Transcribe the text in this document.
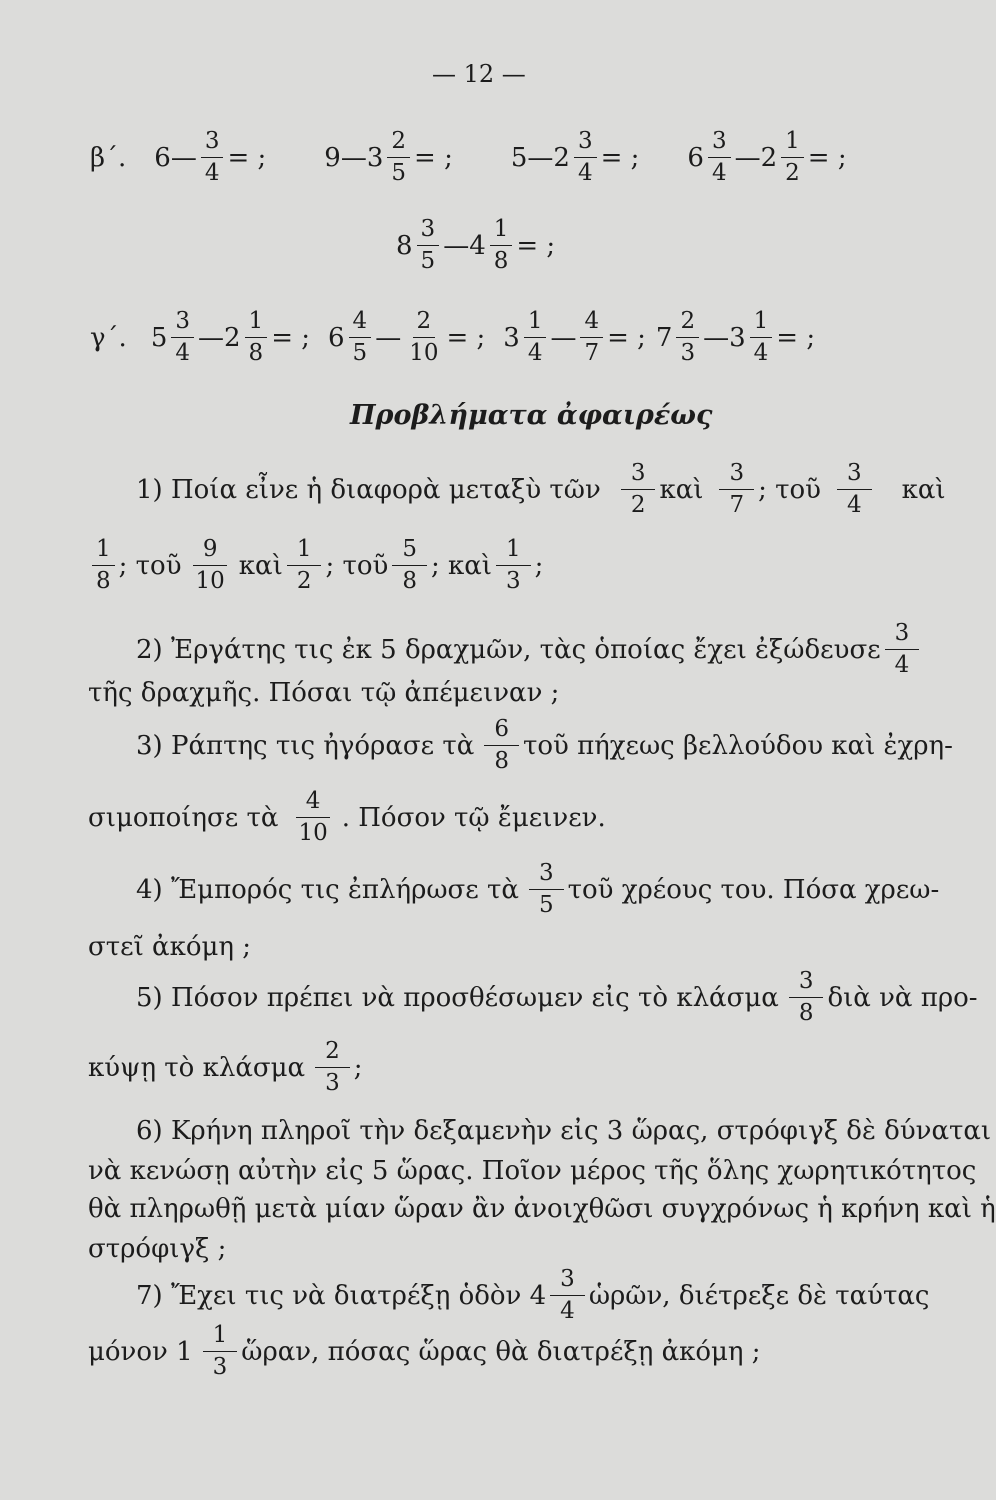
— 12 —
β΄. 6 — $\frac{3}{4}$ = ; 9—3 $\frac{2}{5}$ = ; 5—2 $\frac{3}{4}$ = ; $6 \frac{3}{4}$ —2 $\frac{1}{2}$ = ;
$8 \frac{3}{5}$ —4 $\frac{1}{8}$ = ;
γ΄. $5 \frac{3}{4}$ —2 $\frac{1}{8}$ = ; $6 \frac{4}{5}$ — $\frac{2}{10}$ = ; $3 \frac{1}{4}$ — $\frac{4}{7}$ = ; $7 \frac{2}{3}$ —3 $\frac{1}{4}$ = ;
Προβλήματα ἀφαιρέως
1) Ποία εἶνε ἡ διαφορὰ μεταξὺ τῶν $\frac{3}{2}$ καὶ $\frac{3}{7}$ ; τοῦ $\frac{3}{4}$ καὶ
$\frac{1}{8}$ ; τοῦ $\frac{9}{10}$ καὶ $\frac{1}{2}$ ; τοῦ $\frac{5}{8}$ ; καὶ $\frac{1}{3}$ ;
2) Ἐργάτης τις ἐκ 5 δραχμῶν, τὰς ὁποίας ἔχει ἐξώδευσε $\frac{3}{4}$
τῆς δραχμῆς. Πόσαι τῷ ἀπέμειναν ;
3) Ράπτης τις ἠγόρασε τὰ $\frac{6}{8}$ τοῦ πήχεως βελλούδου καὶ ἐχρη-
σιμοποίησε τὰ $\frac{4}{10}$ . Πόσον τῷ ἔμεινεν.
4) Ἔμπορός τις ἐπλήρωσε τὰ $\frac{3}{5}$ τοῦ χρέους του. Πόσα χρεω-
στεῖ ἀκόμη ;
5) Πόσον πρέπει νὰ προσθέσωμεν εἰς τὸ κλάσμα $\frac{3}{8}$ διὰ νὰ προ-
κύψῃ τὸ κλάσμα $\frac{2}{3}$ ;
6) Κρήνη πληροῖ τὴν δεξαμενὴν εἰς 3 ὥρας, στρόφιγξ δὲ δύναται
νὰ κενώσῃ αὐτὴν εἰς 5 ὥρας. Ποῖον μέρος τῆς ὅλης χωρητικότητος
θὰ πληρωθῇ μετὰ μίαν ὥραν ἂν ἀνοιχθῶσι συγχρόνως ἡ κρήνη καὶ ἡ
στρόφιγξ ;
7) Ἔχει τις νὰ διατρέξῃ ὁδὸν $4 \frac{3}{4}$ ὡρῶν, διέτρεξε δὲ ταύτας
μόνον $1 \frac{1}{3}$ ὥραν, πόσας ὥρας θὰ διατρέξῃ ἀκόμη ;
